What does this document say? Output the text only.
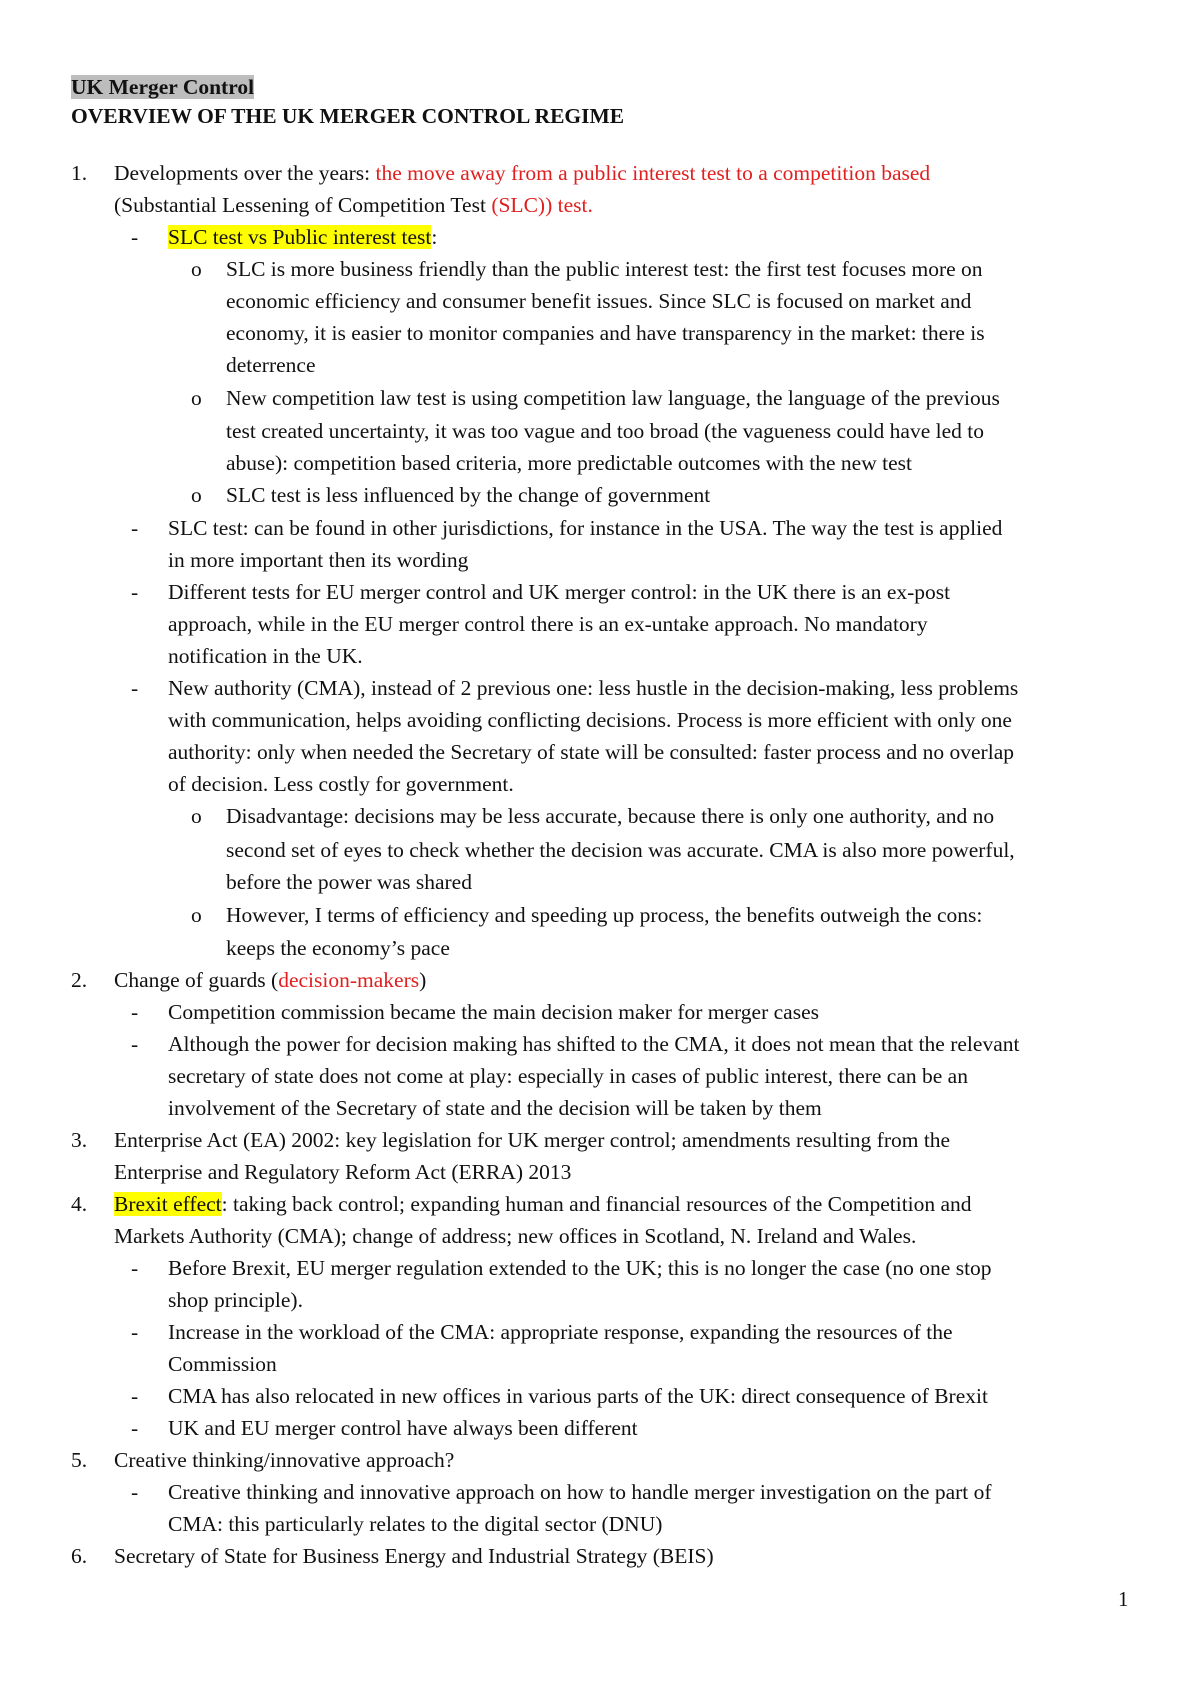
UK Merger Control
OVERVIEW OF THE UK MERGER CONTROL REGIME
1. Developments over the years: the move away from a public interest test to a competition based
(Substantial Lessening of Competition Test (SLC)) test.
- SLC test vs Public interest test:
o SLC is more business friendly than the public interest test: the first test focuses more on
economic efficiency and consumer benefit issues. Since SLC is focused on market and
economy, it is easier to monitor companies and have transparency in the market: there is
deterrence
o New competition law test is using competition law language, the language of the previous
test created uncertainty, it was too vague and too broad (the vagueness could have led to
abuse): competition based criteria, more predictable outcomes with the new test
o SLC test is less influenced by the change of government
- SLC test: can be found in other jurisdictions, for instance in the USA. The way the test is applied
in more important then its wording
- Different tests for EU merger control and UK merger control: in the UK there is an ex-post
approach, while in the EU merger control there is an ex-untake approach. No mandatory
notification in the UK.
- New authority (CMA), instead of 2 previous one: less hustle in the decision-making, less problems
with communication, helps avoiding conflicting decisions. Process is more efficient with only one
authority: only when needed the Secretary of state will be consulted: faster process and no overlap
of decision. Less costly for government.
o Disadvantage: decisions may be less accurate, because there is only one authority, and no
second set of eyes to check whether the decision was accurate. CMA is also more powerful,
before the power was shared
o However, I terms of efficiency and speeding up process, the benefits outweigh the cons:
keeps the economy’s pace
2. Change of guards (decision-makers)
- Competition commission became the main decision maker for merger cases
- Although the power for decision making has shifted to the CMA, it does not mean that the relevant
secretary of state does not come at play: especially in cases of public interest, there can be an
involvement of the Secretary of state and the decision will be taken by them
3. Enterprise Act (EA) 2002: key legislation for UK merger control; amendments resulting from the
Enterprise and Regulatory Reform Act (ERRA) 2013
4. Brexit effect: taking back control; expanding human and financial resources of the Competition and
Markets Authority (CMA); change of address; new offices in Scotland, N. Ireland and Wales.
- Before Brexit, EU merger regulation extended to the UK; this is no longer the case (no one stop
shop principle).
- Increase in the workload of the CMA: appropriate response, expanding the resources of the
Commission
- CMA has also relocated in new offices in various parts of the UK: direct consequence of Brexit
- UK and EU merger control have always been different
5. Creative thinking/innovative approach?
- Creative thinking and innovative approach on how to handle merger investigation on the part of
CMA: this particularly relates to the digital sector (DNU)
6. Secretary of State for Business Energy and Industrial Strategy (BEIS)
1
